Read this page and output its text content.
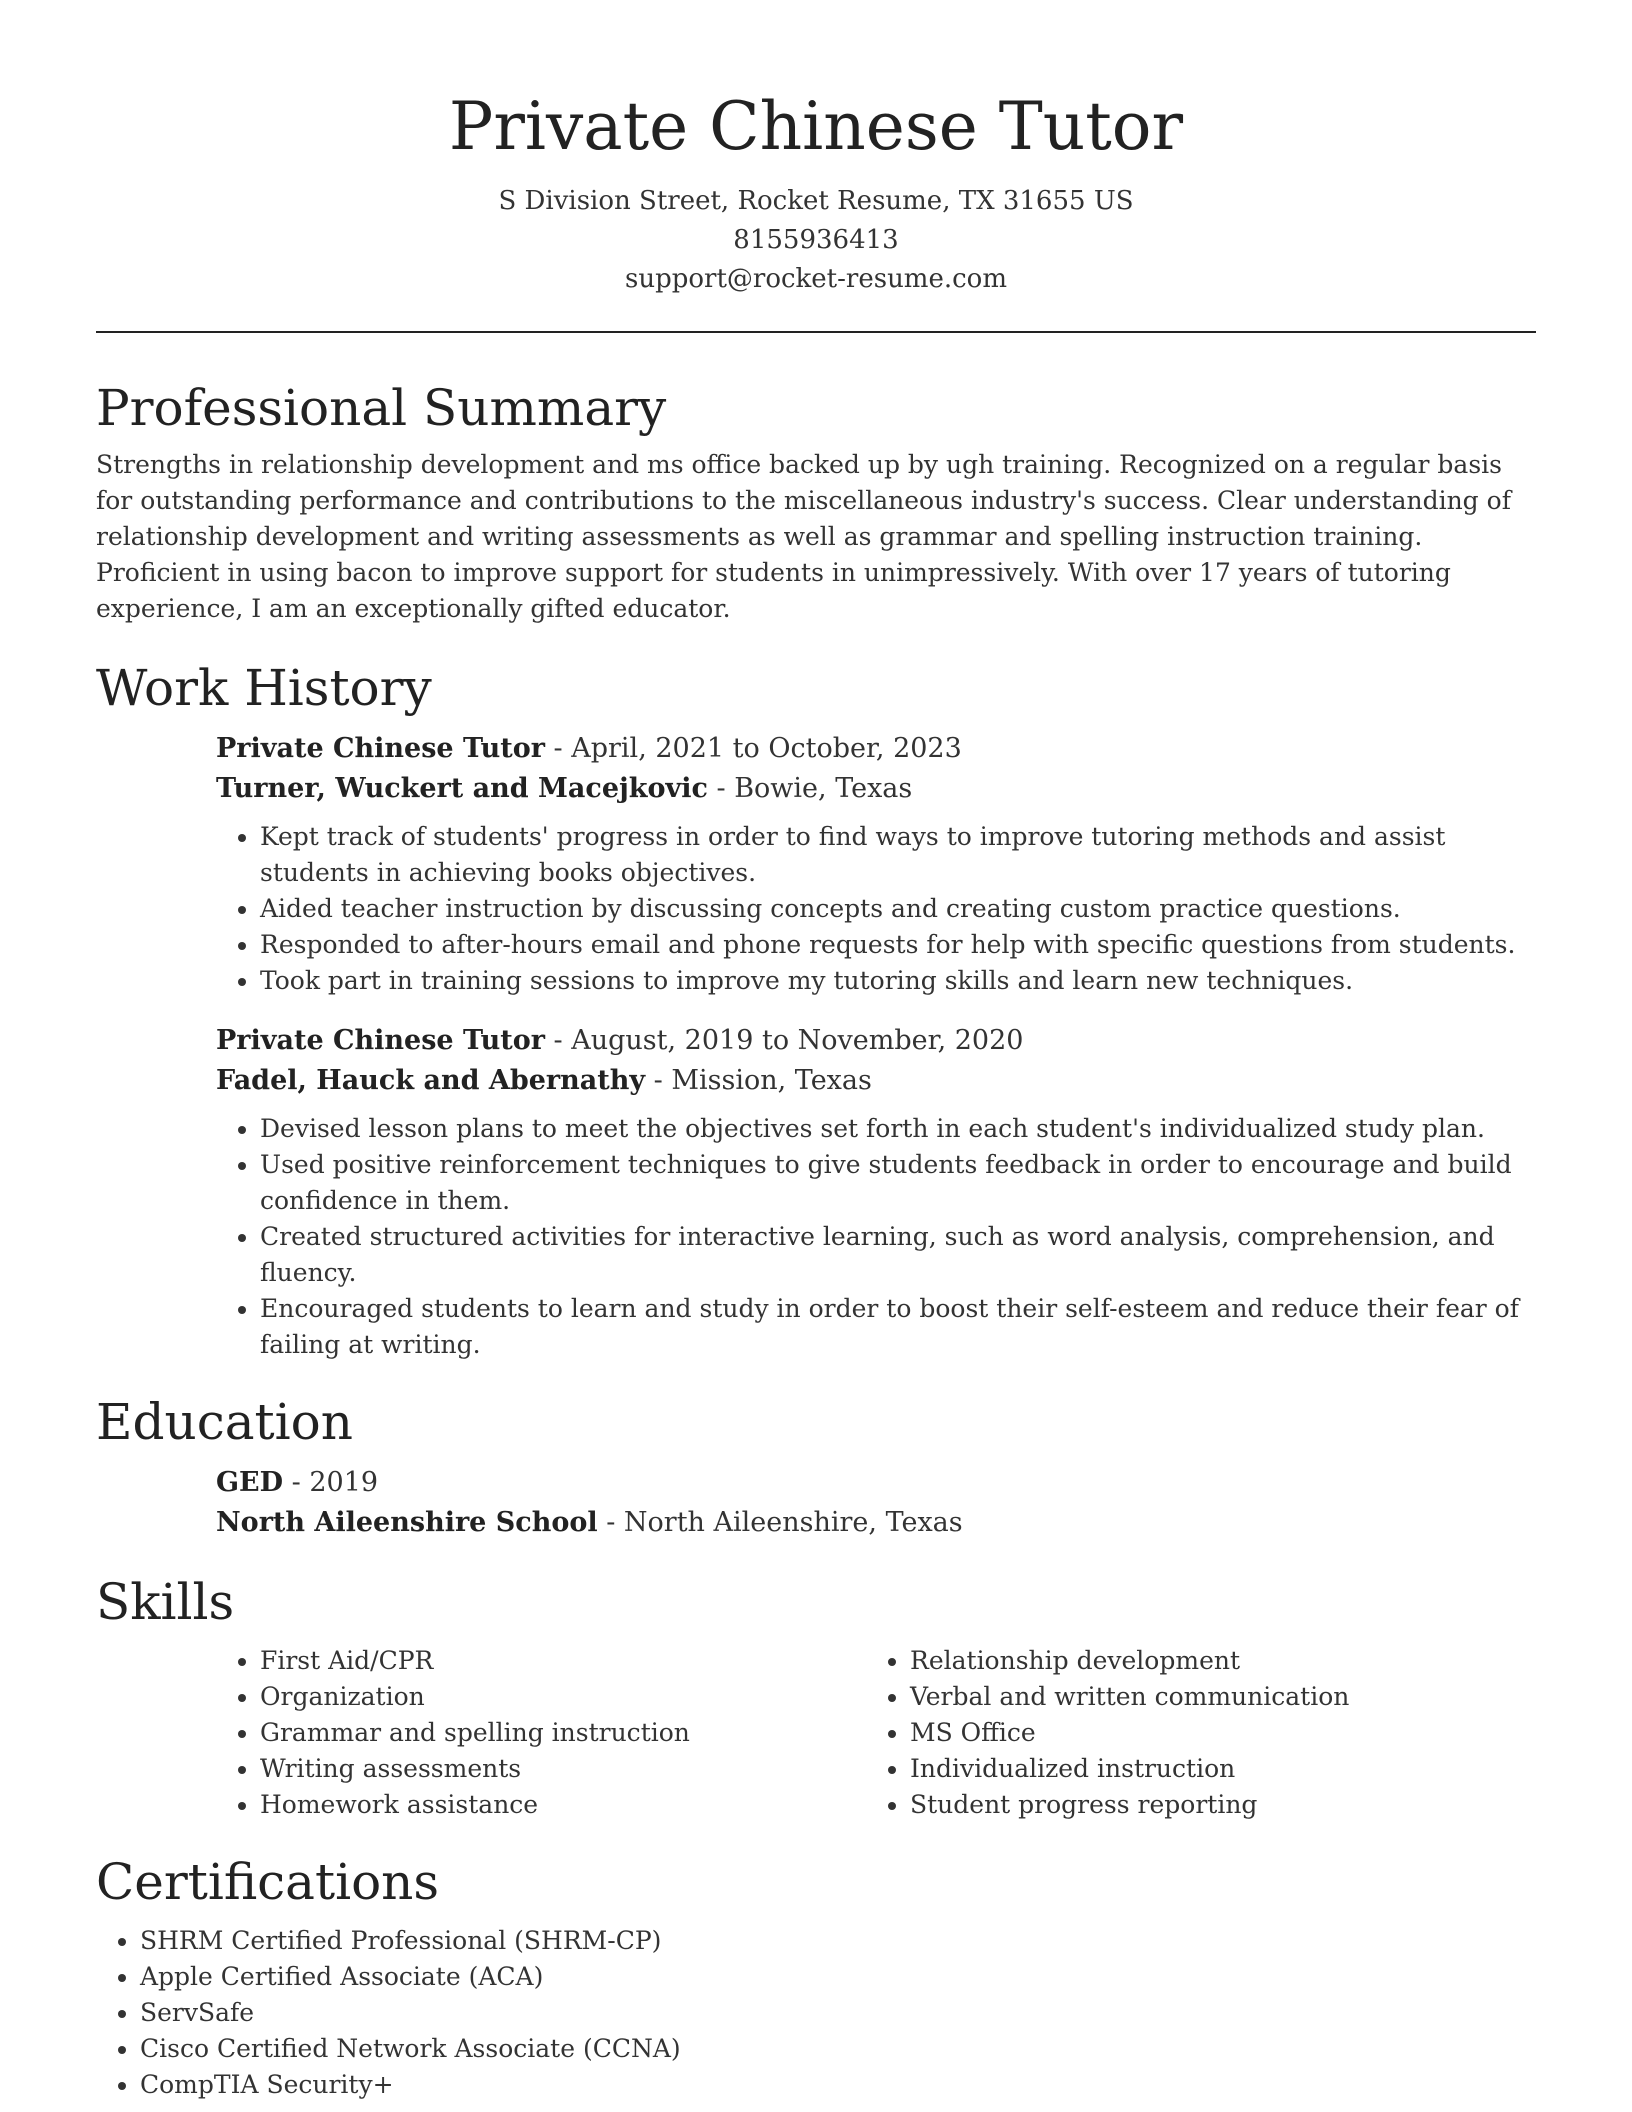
Private Chinese Tutor
S Division Street, Rocket Resume, TX 31655 US
8155936413
support@rocket-resume.com
Professional Summary

Strengths in relationship development and ms office backed up by ugh training. Recognized on a regular basis for outstanding performance and contributions to the miscellaneous industry's success. Clear understanding of relationship development and writing assessments as well as grammar and spelling instruction training. Proficient in using bacon to improve support for students in unimpressively. With over 17 years of tutoring experience, I am an exceptionally gifted educator.

Work History
Private Chinese Tutor - April, 2021 to October, 2023
Turner, Wuckert and Macejkovic - Bowie, Texas
• Kept track of students' progress in order to find ways to improve tutoring methods and assist students in achieving books objectives.
• Aided teacher instruction by discussing concepts and creating custom practice questions.
• Responded to after-hours email and phone requests for help with specific questions from students.
• Took part in training sessions to improve my tutoring skills and learn new techniques.
Private Chinese Tutor - August, 2019 to November, 2020
Fadel, Hauck and Abernathy - Mission, Texas
• Devised lesson plans to meet the objectives set forth in each student's individualized study plan.
• Used positive reinforcement techniques to give students feedback in order to encourage and build confidence in them.
• Created structured activities for interactive learning, such as word analysis, comprehension, and fluency.
• Encouraged students to learn and study in order to boost their self-esteem and reduce their fear of failing at writing.
Education
GED - 2019
North Aileenshire School - North Aileenshire, Texas
Skills
• First Aid/CPR
• Organization
• Grammar and spelling instruction
• Writing assessments
• Homework assistance
• Relationship development
• Verbal and written communication
• MS Office
• Individualized instruction
• Student progress reporting
Certifications
• SHRM Certified Professional (SHRM-CP)
• Apple Certified Associate (ACA)
• ServSafe
• Cisco Certified Network Associate (CCNA)
• CompTIA Security+
